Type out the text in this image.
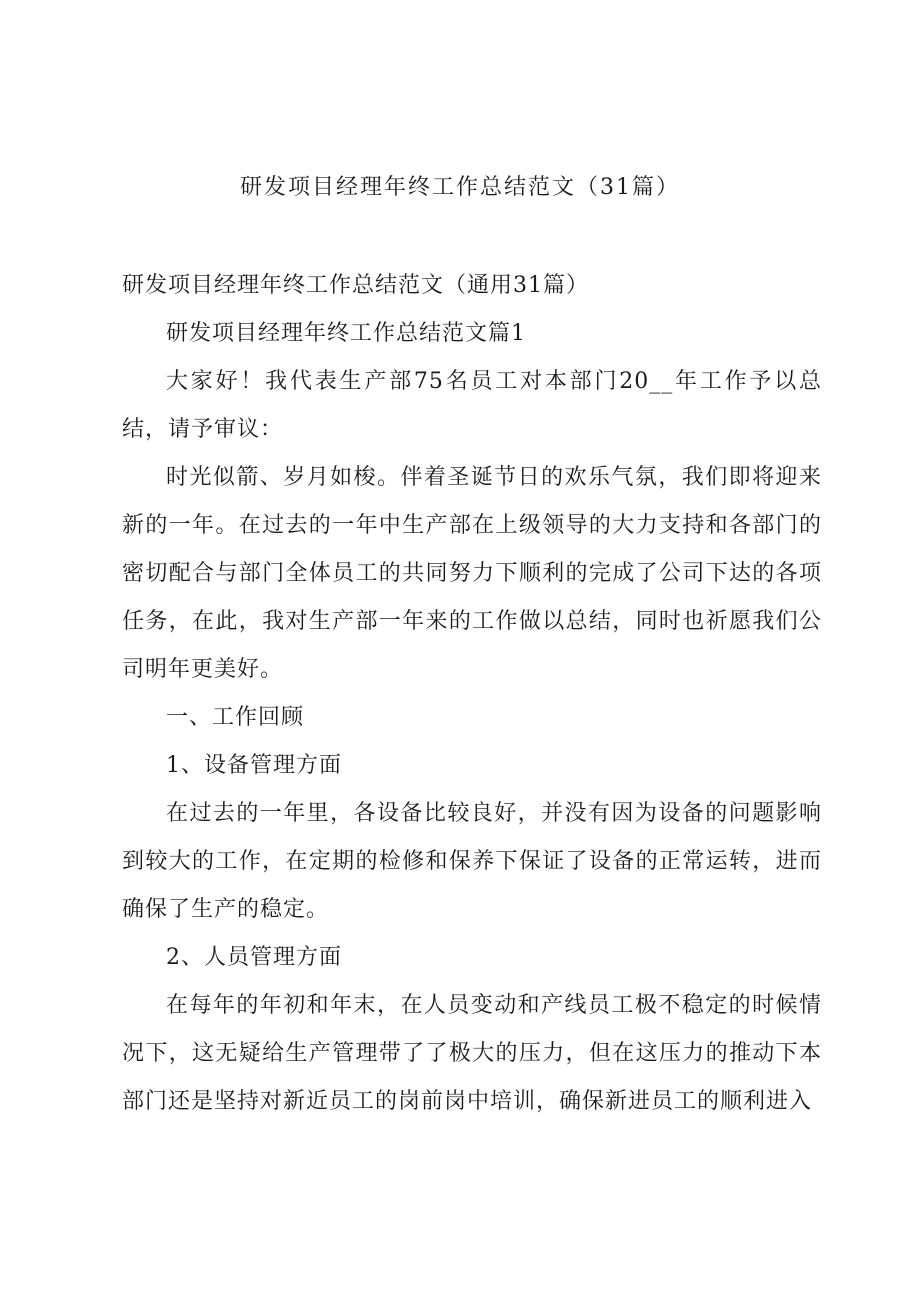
研发项目经理年终工作总结范文（31篇）

研发项目经理年终工作总结范文（通用31篇）

研发项目经理年终工作总结范文篇1

大家好！我代表生产部75名员工对本部门20__年工作予以总结，请予审议：

时光似箭、岁月如梭。伴着圣诞节日的欢乐气氛，我们即将迎来新的一年。在过去的一年中生产部在上级领导的大力支持和各部门的密切配合与部门全体员工的共同努力下顺利的完成了公司下达的各项任务，在此，我对生产部一年来的工作做以总结，同时也祈愿我们公司明年更美好。

一、工作回顾

1、设备管理方面

在过去的一年里，各设备比较良好，并没有因为设备的问题影响到较大的工作，在定期的检修和保养下保证了设备的正常运转，进而确保了生产的稳定。

2、人员管理方面

在每年的年初和年末，在人员变动和产线员工极不稳定的时候情况下，这无疑给生产管理带了了极大的压力，但在这压力的推动下本部门还是坚持对新近员工的岗前岗中培训，确保新进员工的顺利进入
